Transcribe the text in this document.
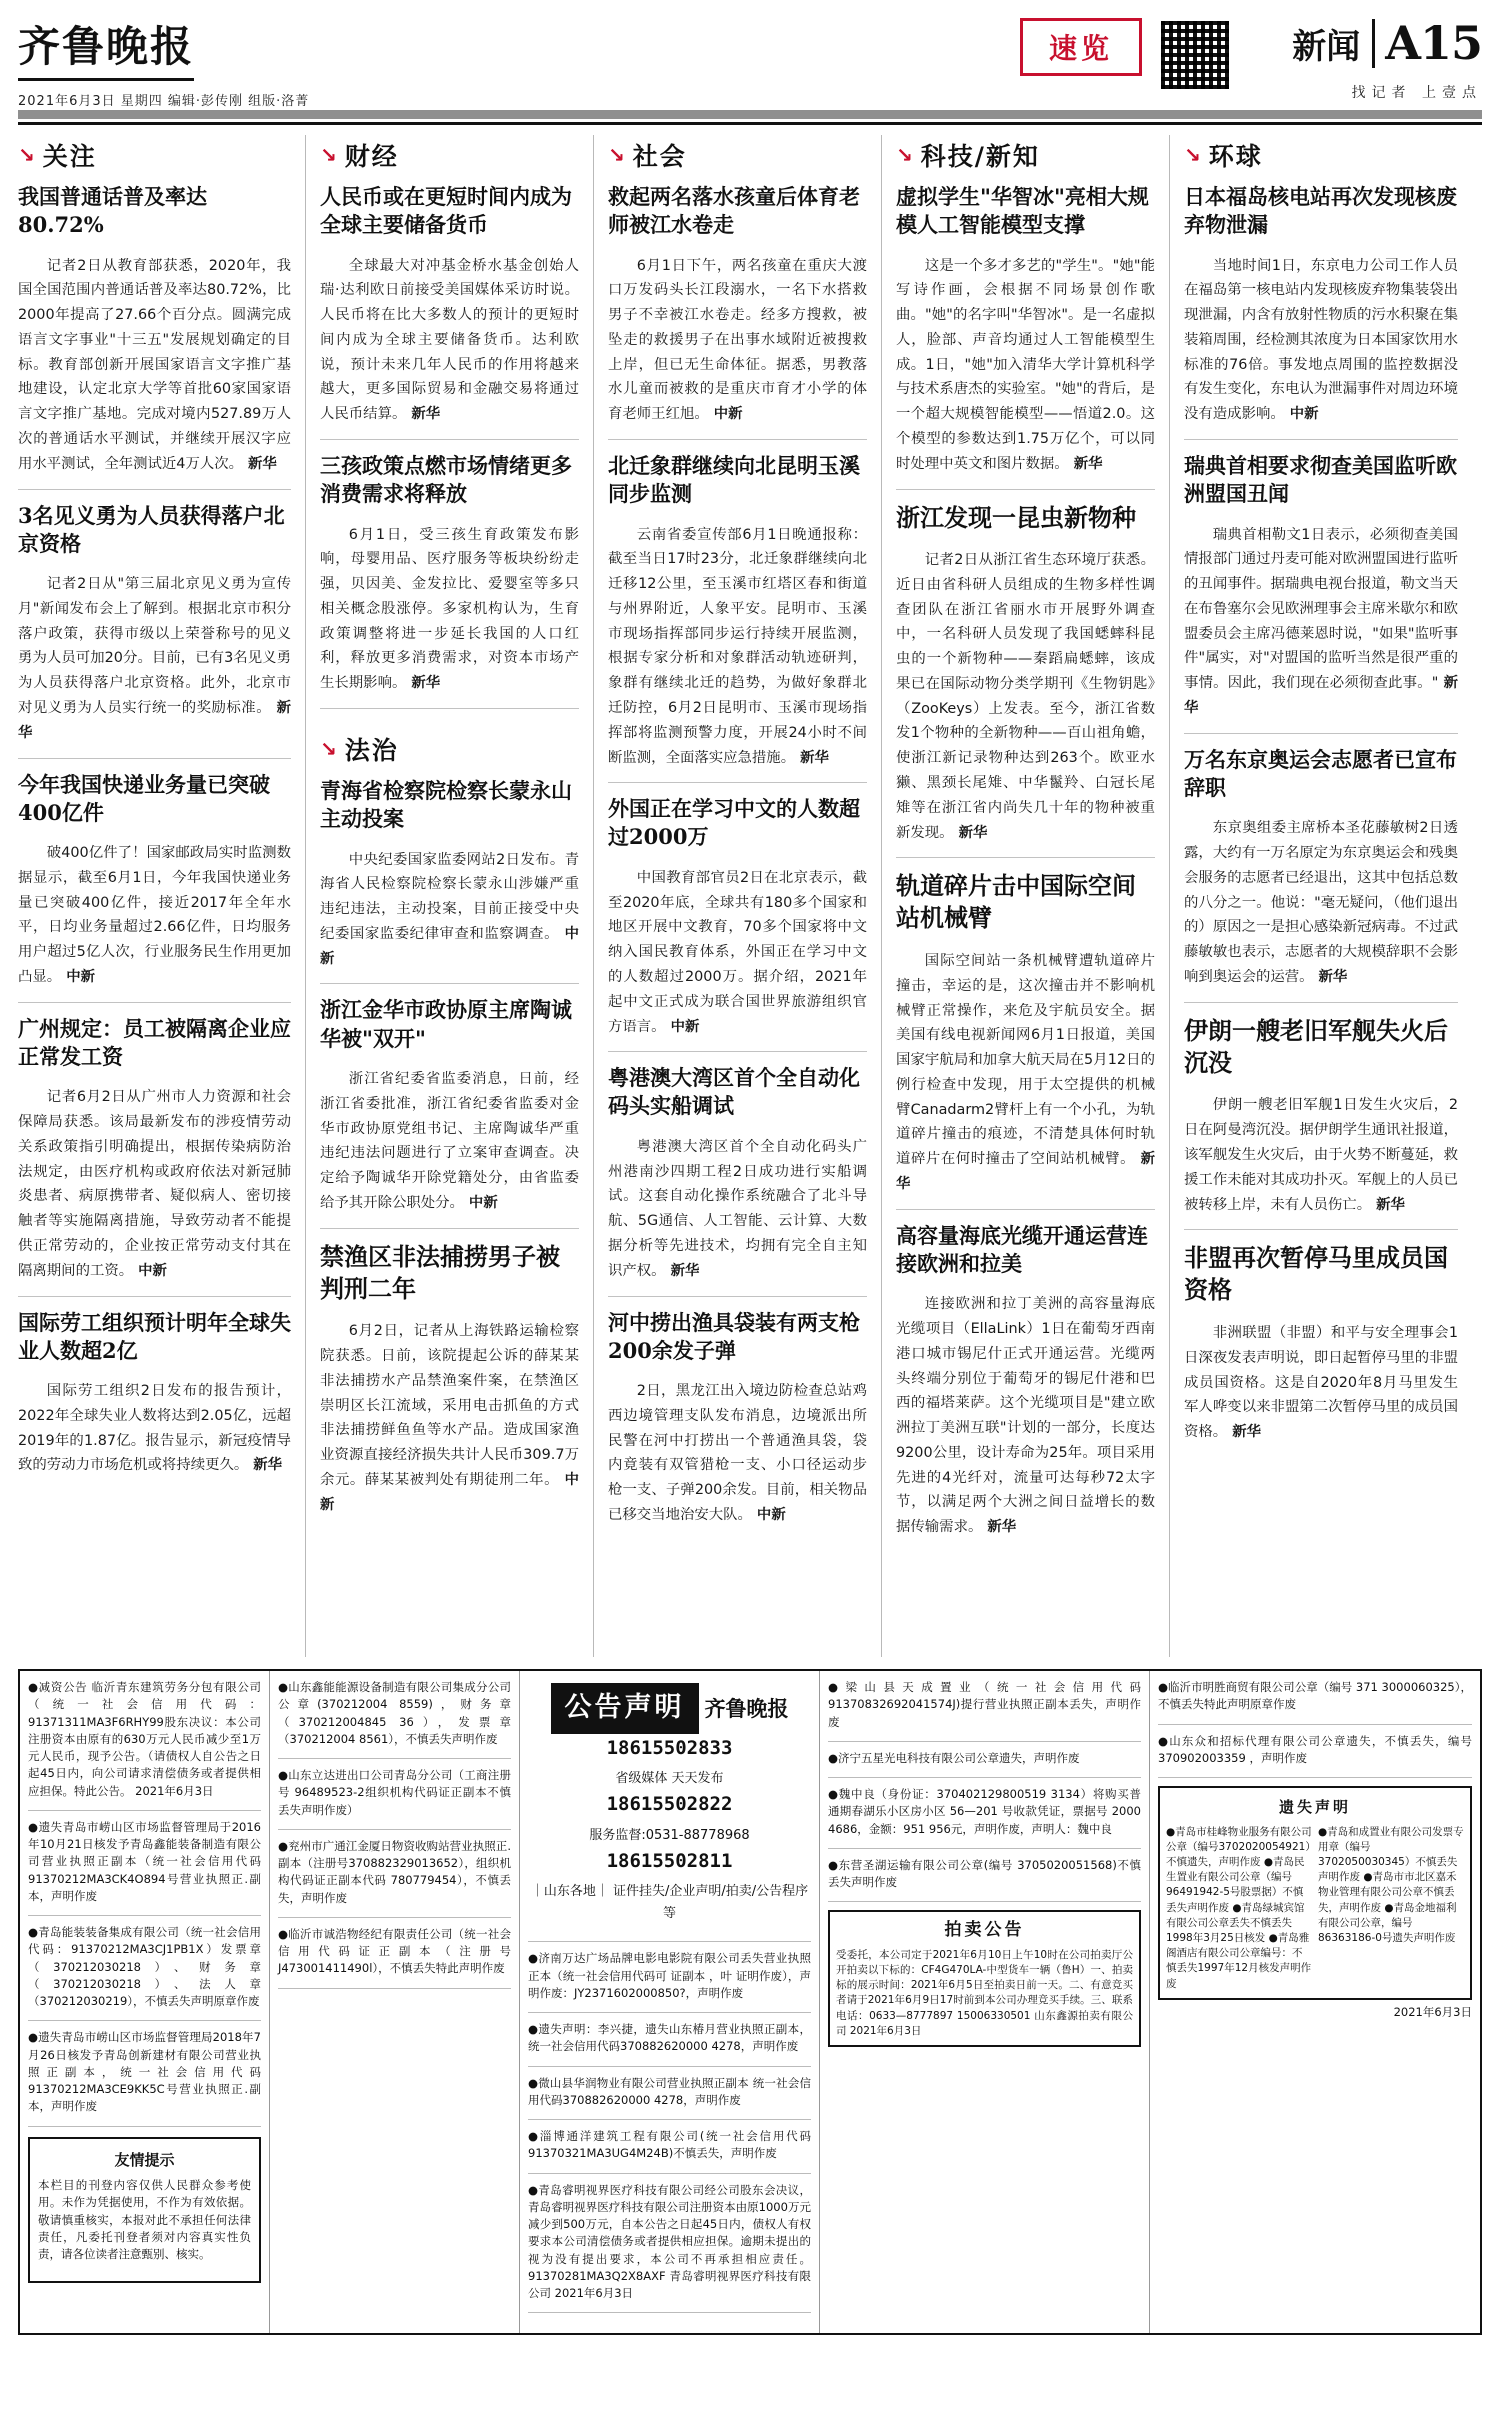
齐鲁晚报
2021年6月3日 星期四 编辑·彭传刚 组版·洛菁
速览	新闻 A15
找记者 上壹点
↘ 关注
我国普通话普及率达80.72%

记者2日从教育部获悉，2020年，我国全国范围内普通话普及率达80.72%，比2000年提高了27.66个百分点。圆满完成语言文字事业"十三五"发展规划确定的目标。教育部创新开展国家语言文字推广基地建设，认定北京大学等首批60家国家语言文字推广基地。完成对境内527.89万人次的普通话水平测试，并继续开展汉字应用水平测试，全年测试近4万人次。 新华

3名见义勇为人员获得落户北京资格

记者2日从"第三届北京见义勇为宣传月"新闻发布会上了解到。根据北京市积分落户政策，获得市级以上荣誉称号的见义勇为人员可加20分。目前，已有3名见义勇为人员获得落户北京资格。此外，北京市对见义勇为人员实行统一的奖励标准。 新华

今年我国快递业务量已突破400亿件

破400亿件了！国家邮政局实时监测数据显示，截至6月1日，今年我国快递业务量已突破400亿件，接近2017年全年水平，日均业务量超过2.66亿件，日均服务用户超过5亿人次，行业服务民生作用更加凸显。 中新

广州规定：员工被隔离企业应正常发工资

记者6月2日从广州市人力资源和社会保障局获悉。该局最新发布的涉疫情劳动关系政策指引明确提出，根据传染病防治法规定，由医疗机构或政府依法对新冠肺炎患者、病原携带者、疑似病人、密切接触者等实施隔离措施，导致劳动者不能提供正常劳动的，企业按正常劳动支付其在隔离期间的工资。 中新

国际劳工组织预计明年全球失业人数超2亿

国际劳工组织2日发布的报告预计，2022年全球失业人数将达到2.05亿，远超2019年的1.87亿。报告显示，新冠疫情导致的劳动力市场危机或将持续更久。 新华

↘ 财经
人民币或在更短时间内成为全球主要储备货币

全球最大对冲基金桥水基金创始人瑞·达利欧日前接受美国媒体采访时说。人民币将在比大多数人的预计的更短时间内成为全球主要储备货币。达利欧说，预计未来几年人民币的作用将越来越大，更多国际贸易和金融交易将通过人民币结算。 新华

三孩政策点燃市场情绪更多消费需求将释放

6月1日，受三孩生育政策发布影响，母婴用品、医疗服务等板块纷纷走强，贝因美、金发拉比、爱婴室等多只相关概念股涨停。多家机构认为，生育政策调整将进一步延长我国的人口红利，释放更多消费需求，对资本市场产生长期影响。 新华

↘ 法治
青海省检察院检察长蒙永山主动投案

中央纪委国家监委网站2日发布。青海省人民检察院检察长蒙永山涉嫌严重违纪违法，主动投案，目前正接受中央纪委国家监委纪律审查和监察调查。 中新

浙江金华市政协原主席陶诚华被"双开"

浙江省纪委省监委消息，日前，经浙江省委批准，浙江省纪委省监委对金华市政协原党组书记、主席陶诚华严重违纪违法问题进行了立案审查调查。决定给予陶诚华开除党籍处分，由省监委给予其开除公职处分。 中新

禁渔区非法捕捞男子被判刑二年

6月2日，记者从上海铁路运输检察院获悉。日前，该院提起公诉的薛某某非法捕捞水产品禁渔案件案，在禁渔区崇明区长江流域，采用电击抓鱼的方式非法捕捞鲜鱼鱼等水产品。造成国家渔业资源直接经济损失共计人民币309.7万余元。薛某某被判处有期徒刑二年。 中新

↘ 社会
救起两名落水孩童后体育老师被江水卷走

6月1日下午，两名孩童在重庆大渡口万发码头长江段溺水，一名下水搭救男子不幸被江水卷走。经多方搜救，被坠走的救援男子在出事水域附近被搜救上岸，但已无生命体征。据悉，男教落水儿童而被救的是重庆市育才小学的体育老师王红旭。 中新

北迁象群继续向北昆明玉溪同步监测

云南省委宣传部6月1日晚通报称：截至当日17时23分，北迁象群继续向北迁移12公里，至玉溪市红塔区春和街道与州界附近，人象平安。昆明市、玉溪市现场指挥部同步运行持续开展监测，根据专家分析和对象群活动轨迹研判，象群有继续北迁的趋势，为做好象群北迁防控，6月2日昆明市、玉溪市现场指挥部将监测预警力度，开展24小时不间断监测，全面落实应急措施。 新华

外国正在学习中文的人数超过2000万

中国教育部官员2日在北京表示，截至2020年底，全球共有180多个国家和地区开展中文教育，70多个国家将中文纳入国民教育体系，外国正在学习中文的人数超过2000万。据介绍，2021年起中文正式成为联合国世界旅游组织官方语言。 中新

粤港澳大湾区首个全自动化码头实船调试

粤港澳大湾区首个全自动化码头广州港南沙四期工程2日成功进行实船调试。这套自动化操作系统融合了北斗导航、5G通信、人工智能、云计算、大数据分析等先进技术，均拥有完全自主知识产权。 新华

河中捞出渔具袋装有两支枪200余发子弹

2日，黑龙江出入境边防检查总站鸡西边境管理支队发布消息，边境派出所民警在河中打捞出一个普通渔具袋，袋内竟装有双管猎枪一支、小口径运动步枪一支、子弹200余发。目前，相关物品已移交当地治安大队。 中新

↘ 科技/新知
虚拟学生"华智冰"亮相大规模人工智能模型支撑

这是一个多才多艺的"学生"。"她"能写诗作画，会根据不同场景创作歌曲。"她"的名字叫"华智冰"。是一名虚拟人，脸部、声音均通过人工智能模型生成。1日，"她"加入清华大学计算机科学与技术系唐杰的实验室。"她"的背后，是一个超大规模智能模型——悟道2.0。这个模型的参数达到1.75万亿个，可以同时处理中英文和图片数据。 新华

浙江发现一昆虫新物种

记者2日从浙江省生态环境厅获悉。近日由省科研人员组成的生物多样性调查团队在浙江省丽水市开展野外调查中，一名科研人员发现了我国蟋蟀科昆虫的一个新物种——秦蹈扁蟋蟀，该成果已在国际动物分类学期刊《生物钥匙》（ZooKeys）上发表。至今，浙江省数发1个物种的全新物种——百山祖角蟾，使浙江新记录物种达到263个。欧亚水獭、黑颈长尾雉、中华鬣羚、白冠长尾雉等在浙江省内尚失几十年的物种被重新发现。 新华

轨道碎片击中国际空间站机械臂

国际空间站一条机械臂遭轨道碎片撞击，幸运的是，这次撞击并不影响机械臂正常操作，来危及宇航员安全。据美国有线电视新闻网6月1日报道，美国国家宇航局和加拿大航天局在5月12日的例行检查中发现，用于太空提供的机械臂Canadarm2臂杆上有一个小孔，为轨道碎片撞击的痕迹，不清楚具体何时轨道碎片在何时撞击了空间站机械臂。 新华

高容量海底光缆开通运营连接欧洲和拉美

连接欧洲和拉丁美洲的高容量海底光缆项目（EllaLink）1日在葡萄牙西南港口城市锡尼什正式开通运营。光缆两头终端分别位于葡萄牙的锡尼什港和巴西的福塔莱萨。这个光缆项目是"建立欧洲拉丁美洲互联"计划的一部分，长度达9200公里，设计寿命为25年。项目采用先进的4光纤对，流量可达每秒72太字节，以满足两个大洲之间日益增长的数据传输需求。 新华

↘ 环球
日本福岛核电站再次发现核废弃物泄漏

当地时间1日，东京电力公司工作人员在福岛第一核电站内发现核废弃物集装袋出现泄漏，内含有放射性物质的污水积聚在集装箱周围，经检测其浓度为日本国家饮用水标准的76倍。事发地点周围的监控数据没有发生变化，东电认为泄漏事件对周边环境没有造成影响。 中新

瑞典首相要求彻查美国监听欧洲盟国丑闻

瑞典首相勒文1日表示，必须彻查美国情报部门通过丹麦可能对欧洲盟国进行监听的丑闻事件。据瑞典电视台报道，勒文当天在布鲁塞尔会见欧洲理事会主席米歇尔和欧盟委员会主席冯德莱恩时说，"如果"监听事件"属实，对"对盟国的监听当然是很严重的事情。因此，我们现在必须彻查此事。" 新华

万名东京奥运会志愿者已宣布辞职

东京奥组委主席桥本圣花藤敏树2日透露，大约有一万名原定为东京奥运会和残奥会服务的志愿者已经退出，这其中包括总数的八分之一。他说："毫无疑问，（他们退出的）原因之一是担心感染新冠病毒。不过武藤敏敏也表示，志愿者的大规模辞职不会影响到奥运会的运营。 新华

伊朗一艘老旧军舰失火后沉没

伊朗一艘老旧军舰1日发生火灾后，2日在阿曼湾沉没。据伊朗学生通讯社报道，该军舰发生火灾后，由于火势不断蔓延，救援工作未能对其成功扑灭。军舰上的人员已被转移上岸，未有人员伤亡。 新华

非盟再次暂停马里成员国资格

非洲联盟（非盟）和平与安全理事会1日深夜发表声明说，即日起暂停马里的非盟成员国资格。这是自2020年8月马里发生军人哗变以来非盟第二次暂停马里的成员国资格。 新华

●减资公告 临沂青东建筑劳务分包有限公司（统一社会信用代码：91371311MA3F6RHY99股东决议：本公司注册资本由原有的630万元人民币减少至1万元人民币，现予公告。（请债权人自公告之日起45日内，向公司请求清偿债务或者提供相应担保。特此公告。 2021年6月3日
●遗失青岛市崂山区市场监督管理局于2016年10月21日核发予青岛鑫能装备制造有限公司营业执照正副本（统一社会信用代码91370212MA3CK4O894号营业执照正.副本，声明作废
●青岛能装装备集成有限公司（统一社会信用代码：91370212MA3CJ1PB1X）发票章（370212030218）、财务章（370212030218）、法人章（370212030219），不慎丢失声明原章作废
●遗失青岛市崂山区市场监督管理局2018年7月26日核发予青岛创新建材有限公司营业执照正副本，统一社会信用代码91370212MA3CE9KK5C号营业执照正.副本，声明作废
友情提示
本栏目的刊登内容仅供人民群众参考使用。未作为凭据使用，不作为有效依据。敬请慎重核实，本报对此不承担任何法律责任，凡委托刊登者须对内容真实性负责，请各位读者注意甄别、核实。
●山东鑫能能源设备制造有限公司集成分公司公章(370212004 8559)，财务章（370212004845 36），发票章（370212004 8561），不慎丢失声明作废
●山东立达进出口公司青岛分公司（工商注册号 96489523-2组织机构代码证正副本不慎丢失声明作废）
●兖州市广通江金厦日物资收购站营业执照正.副本（注册号370882329013652），组织机构代码证正副本代码 780779454），不慎丢失，声明作废
●临沂市诚浩物经纪有限责任公司（统一社会信用代码证正副本（注册号J473001411490l），不慎丢失特此声明作废
公告声明 齐鲁晚报
18615502833
省级媒体 天天发布
18615502822
服务监督:0531-88778968
18615502811
｜山东各地｜ 证件挂失/企业声明/拍卖/公告程序等
●济南万达广场品牌电影电影院有限公司丢失营业执照正本（统一社会信用代码可 证副本 ，叶 证明作废），声明作废：JY2371602000850?，声明作废
●遗失声明：李兴捷，遗失山东椿月营业执照正副本，统一社会信用代码370882620000 4278，声明作废
●微山县华润物业有限公司营业执照正副本 统一社会信用代码370882620000 4278，声明作废
●淄博通洋建筑工程有限公司(统一社会信用代码91370321MA3UG4M24B)不慎丢失，声明作废
●青岛睿明视界医疗科技有限公司经公司股东会决议，青岛睿明视界医疗科技有限公司注册资本由原1000万元减少到500万元，自本公告之日起45日内，债权人有权要求本公司清偿债务或者提供相应担保。逾期未提出的视为没有提出要求，本公司不再承担相应责任。91370281MA3Q2X8AXF 青岛睿明视界医疗科技有限公司 2021年6月3日
●梁山县天成置业（统一社会信用代码91370832692041574J)提行营业执照正副本丢失，声明作废
●济宁五星光电科技有限公司公章遗失，声明作废
●魏中良（身份证：370402129800519 3134）将购买普通期春湖乐小区房小区 56—201 号收款凭证，票据号 2000 4686，金额：951 956元，声明作废，声明人：魏中良
●东营圣湖运输有限公司公章(编号 3705020051568)不慎丢失声明作废
拍卖公告
受委托，本公司定于2021年6月10日上午10时在公司拍卖厅公开拍卖以下标的：CF4G470LA-中型货车一辆（鲁H）一、拍卖标的展示时间：2021年6月5日至拍卖日前一天。二、有意竞买者请于2021年6月9日17时前到本公司办理竞买手续。三、联系电话：0633—8777897 15006330501 山东鑫源拍卖有限公司 2021年6月3日
●临沂市明胜商贸有限公司公章（编号 371 3000060325），不慎丢失特此声明原章作废
●山东众和招标代理有限公司公章遗失，不慎丢失，编号 370902003359 ，声明作废
遗失声明
●青岛市桂峰物业服务有限公司公章（编号3702020054921）不慎遗失，声明作废 ●青岛民生置业有限公司公章（编号 96491942-5号股票据）不慎丢失声明作废 ●青岛绿城宾馆有限公司公章丢失不慎丢失 1998年3月25日核发 ●青岛雅阁酒店有限公司公章编号：不慎丢失1997年12月核发声明作废
●青岛和成置业有限公司发票专用章（编号 3702050030345）不慎丢失声明作废 ●青岛市市北区嘉禾物业管理有限公司公章不慎丢失，声明作废 ●青岛金地福利有限公司公章，编号86363186-0号遗失声明作废
2021年6月3日
